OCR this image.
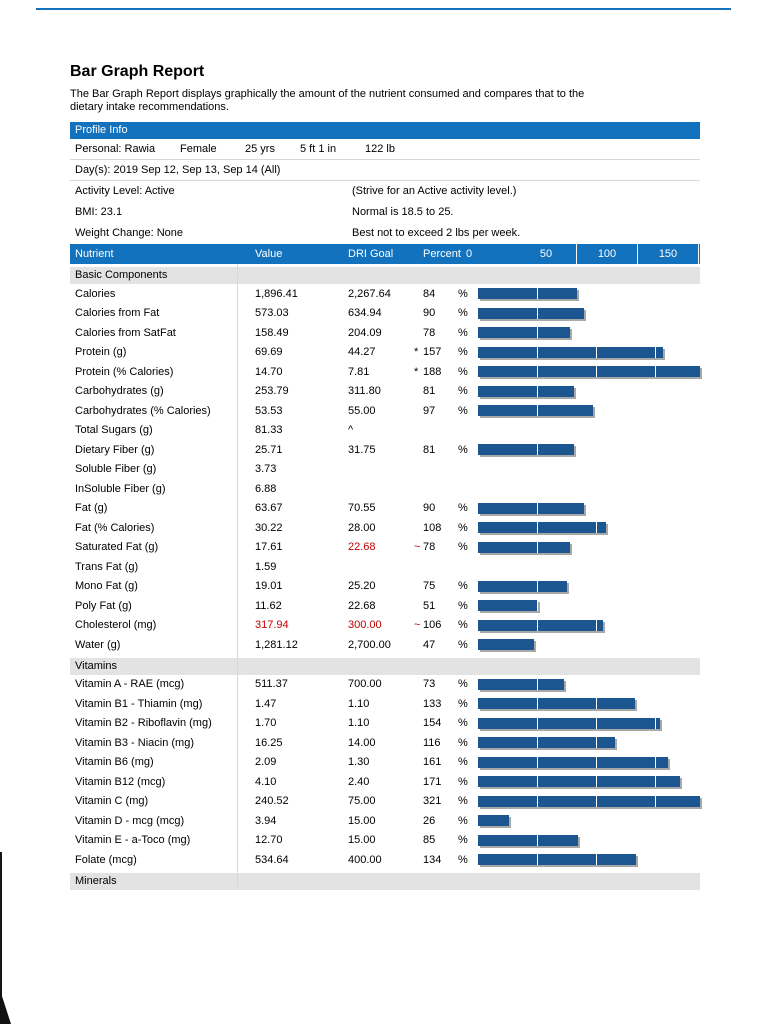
Bar Graph Report
The Bar Graph Report displays graphically the amount of the nutrient consumed and compares that to the dietary intake recommendations.
Profile Info
Personal: Rawia	Female	25 yrs	5 ft 1 in	122 lb
Day(s): 2019 Sep 12, Sep 13, Sep 14 (All)
Activity Level: Active	(Strive for an Active activity level.)
BMI: 23.1	Normal is 18.5 to 25.
Weight Change: None	Best not to exceed 2 lbs per week.
Nutrient	Value	DRI Goal	Percent 0	50	100	150
Basic Components
Calories	1,896.41	2,267.64	84 %
Calories from Fat	573.03	634.94	90 %
Calories from SatFat	158.49	204.09	78 %
Protein (g)	69.69	44.27	* 157 %
Protein (% Calories)	14.70	7.81	* 188 %
Carbohydrates (g)	253.79	311.80	81 %
Carbohydrates (% Calories)	53.53	55.00	97 %
Total Sugars (g)	81.33	^
Dietary Fiber (g)	25.71	31.75	81 %
Soluble Fiber (g)	3.73
InSoluble Fiber (g)	6.88
Fat (g)	63.67	70.55	90 %
Fat (% Calories)	30.22	28.00	108 %
Saturated Fat (g)	17.61	22.68	~ 78 %
Trans Fat (g)	1.59
Mono Fat (g)	19.01	25.20	75 %
Poly Fat (g)	11.62	22.68	51 %
Cholesterol (mg)	317.94	300.00	~ 106 %
Water (g)	1,281.12	2,700.00	47 %
Vitamins
Vitamin A - RAE (mcg)	511.37	700.00	73 %
Vitamin B1 - Thiamin (mg)	1.47	1.10	133 %
Vitamin B2 - Riboflavin (mg)	1.70	1.10	154 %
Vitamin B3 - Niacin (mg)	16.25	14.00	116 %
Vitamin B6 (mg)	2.09	1.30	161 %
Vitamin B12 (mcg)	4.10	2.40	171 %
Vitamin C (mg)	240.52	75.00	321 %
Vitamin D - mcg (mcg)	3.94	15.00	26 %
Vitamin E - a-Toco (mg)	12.70	15.00	85 %
Folate (mcg)	534.64	400.00	134 %
Minerals
